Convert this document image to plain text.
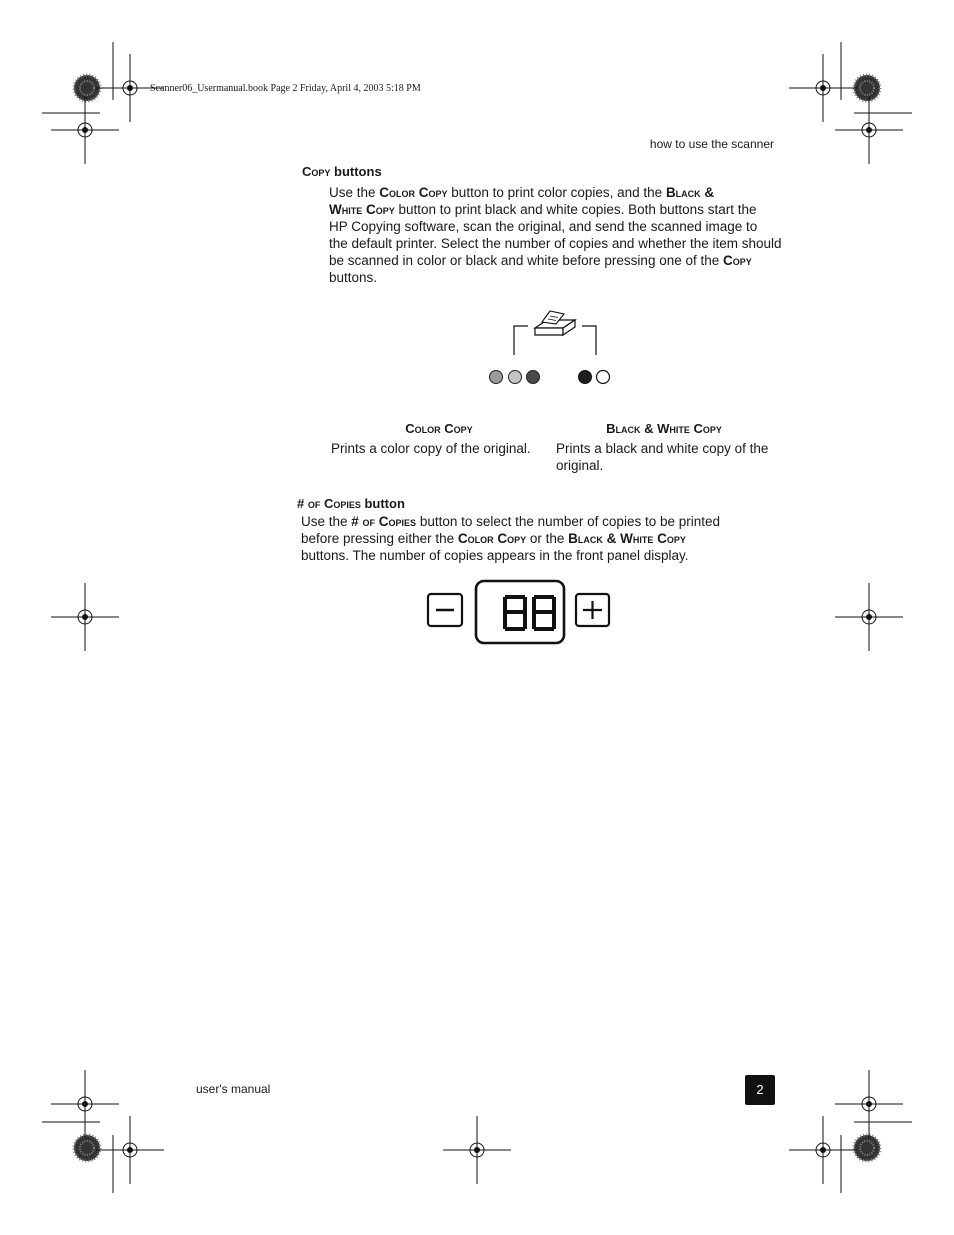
Scanner06_Usermanual.book Page 2 Friday, April 4, 2003 5:18 PM
how to use the scanner
Copy buttons

Use the Color Copy button to print color copies, and the Black &

White Copy button to print black and white copies. Both buttons start the

HP Copying software, scan the original, and send the scanned image to

the default printer. Select the number of copies and whether the item should

be scanned in color or black and white before pressing one of the Copy

buttons.

Color Copy

Prints a color copy of the original.

Black & White Copy

Prints a black and white copy of the

original.

# of Copies button

Use the # of Copies button to select the number of copies to be printed

before pressing either the Color Copy or the Black & White Copy

buttons. The number of copies appears in the front panel display.

user's manual	2
